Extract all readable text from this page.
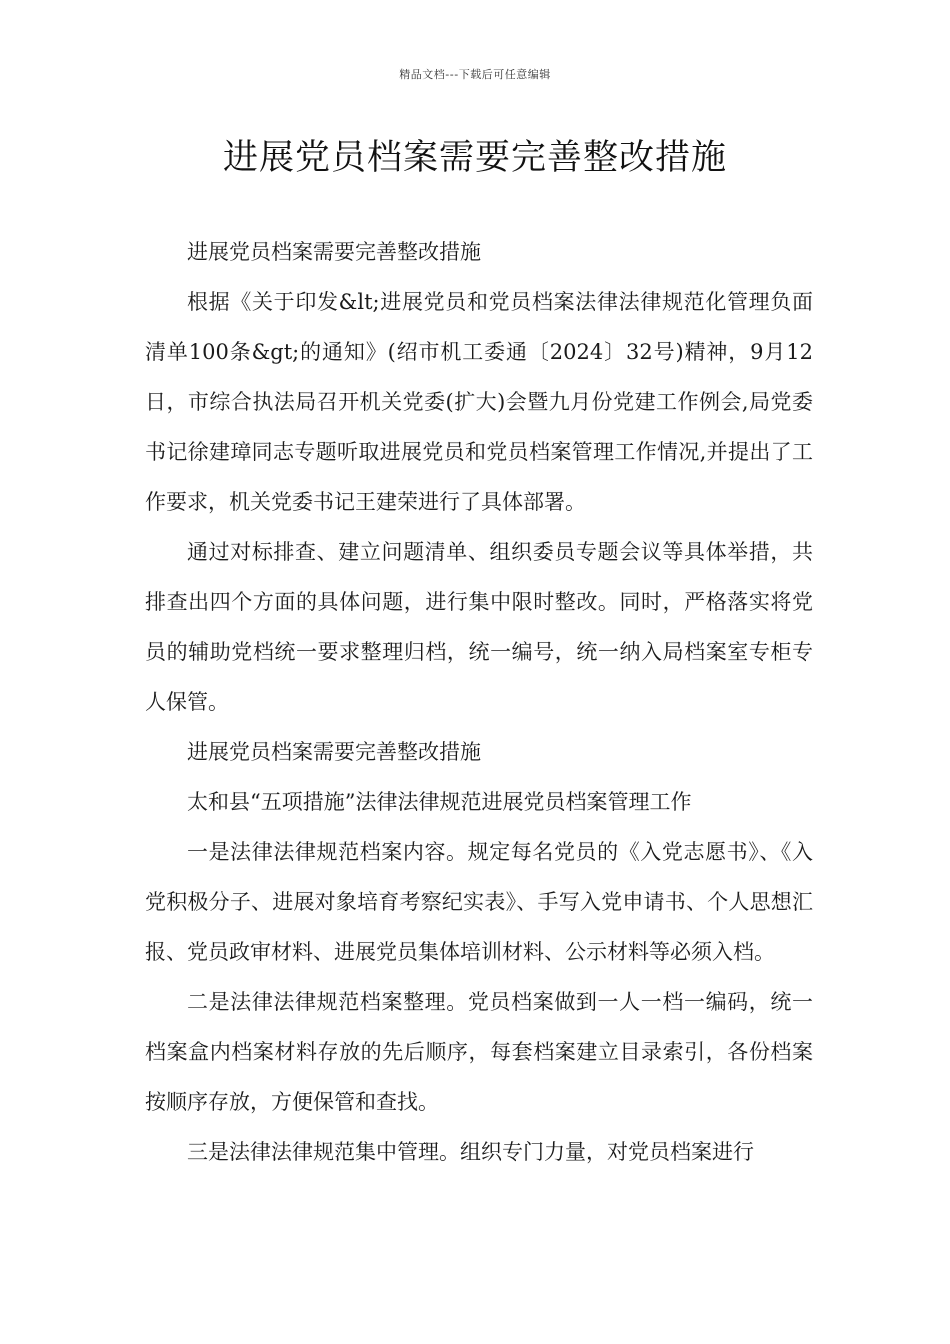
精品文档---下载后可任意编辑
进展党员档案需要完善整改措施

进展党员档案需要完善整改措施

根据《关于印发&lt;进展党员和党员档案法律法律规范化管理负面清单100条&gt;的通知》(绍市机工委通〔2024〕32号)精神，9月12日，市综合执法局召开机关党委(扩大)会暨九月份党建工作例会,局党委书记徐建璋同志专题听取进展党员和党员档案管理工作情况,并提出了工作要求，机关党委书记王建荣进行了具体部署。

通过对标排查、建立问题清单、组织委员专题会议等具体举措，共排查出四个方面的具体问题，进行集中限时整改。同时，严格落实将党员的辅助党档统一要求整理归档，统一编号，统一纳入局档案室专柜专人保管。

进展党员档案需要完善整改措施

太和县“五项措施”法律法律规范进展党员档案管理工作

一是法律法律规范档案内容。规定每名党员的《入党志愿书》、《入党积极分子、进展对象培育考察纪实表》、手写入党申请书、个人思想汇报、党员政审材料、进展党员集体培训材料、公示材料等必须入档。

二是法律法律规范档案整理。党员档案做到一人一档一编码，统一档案盒内档案材料存放的先后顺序，每套档案建立目录索引，各份档案按顺序存放，方便保管和查找。

三是法律法律规范集中管理。组织专门力量，对党员档案进行
